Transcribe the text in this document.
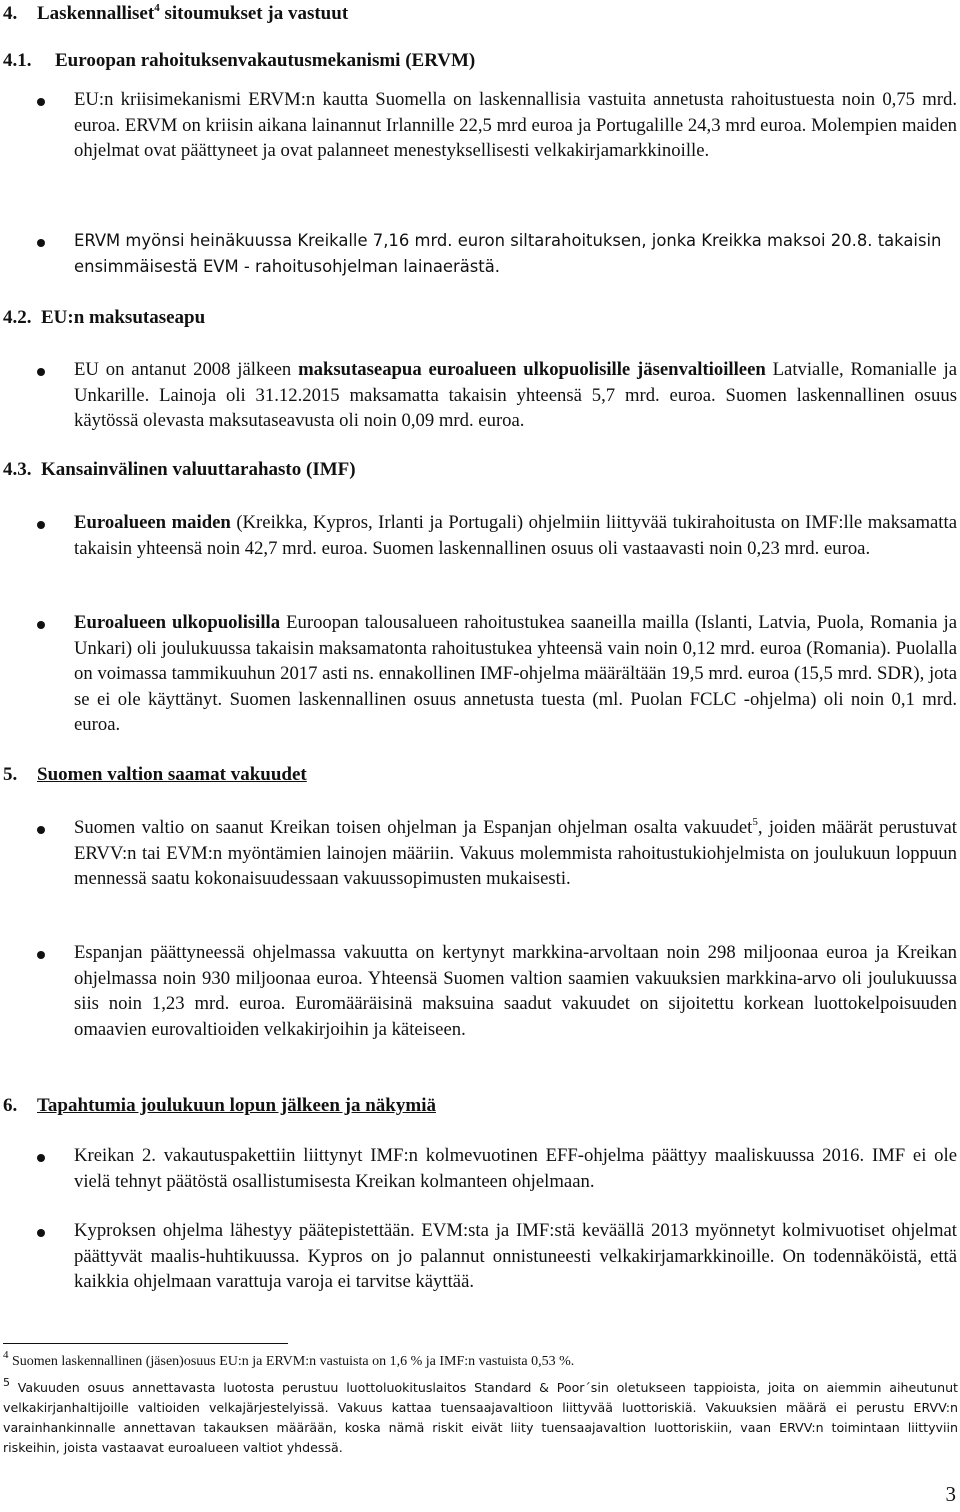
4. Laskennalliset$^4$ sitoumukset ja vastuut
4.1. Euroopan rahoituksenvakautusmekanismi (ERVM)
EU:n kriisimekanismi ERVM:n kautta Suomella on laskennallisia vastuita annetusta rahoitustuesta noin 0,75 mrd. euroa. ERVM on kriisin aikana lainannut Irlannille 22,5 mrd euroa ja Portugalille 24,3 mrd euroa. Molempien maiden ohjelmat ovat päättyneet ja ovat palanneet menestyksellisesti velkakirjamarkkinoille.
ERVM myönsi heinäkuussa Kreikalle 7,16 mrd. euron siltarahoituksen, jonka Kreikka maksoi 20.8. takaisin ensimmäisestä EVM - rahoitusohjelman lainaerästä.
4.2. EU:n maksutaseapu
EU on antanut 2008 jälkeen maksutaseapua euroalueen ulkopuolisille jäsenvaltioilleen Latvialle, Romanialle ja Unkarille. Lainoja oli 31.12.2015 maksamatta takaisin yhteensä 5,7 mrd. euroa. Suomen laskennallinen osuus käytössä olevasta maksutaseavusta oli noin 0,09 mrd. euroa.
4.3. Kansainvälinen valuuttarahasto (IMF)
Euroalueen maiden (Kreikka, Kypros, Irlanti ja Portugali) ohjelmiin liittyvää tukirahoitusta on IMF:lle maksamatta takaisin yhteensä noin 42,7 mrd. euroa. Suomen laskennallinen osuus oli vastaavasti noin 0,23 mrd. euroa.
Euroalueen ulkopuolisilla Euroopan talousalueen rahoitustukea saaneilla mailla (Islanti, Latvia, Puola, Romania ja Unkari) oli joulukuussa takaisin maksamatonta rahoitustukea yhteensä vain noin 0,12 mrd. euroa (Romania). Puolalla on voimassa tammikuuhun 2017 asti ns. ennakollinen IMF-ohjelma määrältään 19,5 mrd. euroa (15,5 mrd. SDR), jota se ei ole käyttänyt. Suomen laskennallinen osuus annetusta tuesta (ml. Puolan FCLC -ohjelma) oli noin 0,1 mrd. euroa.
5. Suomen valtion saamat vakuudet
Suomen valtio on saanut Kreikan toisen ohjelman ja Espanjan ohjelman osalta vakuudet$^5$, joiden määrät perustuvat ERVV:n tai EVM:n myöntämien lainojen määriin. Vakuus molemmista rahoitustukiohjelmista on joulukuun loppuun mennessä saatu kokonaisuudessaan vakuussopimusten mukaisesti.
Espanjan päättyneessä ohjelmassa vakuutta on kertynyt markkina-arvoltaan noin 298 miljoonaa euroa ja Kreikan ohjelmassa noin 930 miljoonaa euroa. Yhteensä Suomen valtion saamien vakuuksien markkina-arvo oli joulukuussa siis noin 1,23 mrd. euroa. Euromääräisinä maksuina saadut vakuudet on sijoitettu korkean luottokelpoisuuden omaavien eurovaltioiden velkakirjoihin ja käteiseen.
6. Tapahtumia joulukuun lopun jälkeen ja näkymiä
Kreikan 2. vakautuspakettiin liittynyt IMF:n kolmevuotinen EFF-ohjelma päättyy maaliskuussa 2016. IMF ei ole vielä tehnyt päätöstä osallistumisesta Kreikan kolmanteen ohjelmaan.
Kyproksen ohjelma lähestyy päätepistettään. EVM:sta ja IMF:stä keväällä 2013 myönnetyt kolmivuotiset ohjelmat päättyvät maalis-huhtikuussa. Kypros on jo palannut onnistuneesti velkakirjamarkkinoille. On todennäköistä, että kaikkia ohjelmaan varattuja varoja ei tarvitse käyttää.
$^4$ Suomen laskennallinen (jäsen)osuus EU:n ja ERVM:n vastuista on 1,6 % ja IMF:n vastuista 0,53 %.
$^5$ Vakuuden osuus annettavasta luotosta perustuu luottoluokituslaitos Standard & Poor´sin oletukseen tappioista, joita on aiemmin aiheutunut velkakirjanhaltijoille valtioiden velkajärjestelyissä. Vakuus kattaa tuensaajavaltioon liittyvää luottoriskiä. Vakuuksien määrä ei perustu ERVV:n varainhankinnalle annettavan takauksen määrään, koska nämä riskit eivät liity tuensaajavaltion luottoriskiin, vaan ERVV:n toimintaan liittyviin riskeihin, joista vastaavat euroalueen valtiot yhdessä.
3
